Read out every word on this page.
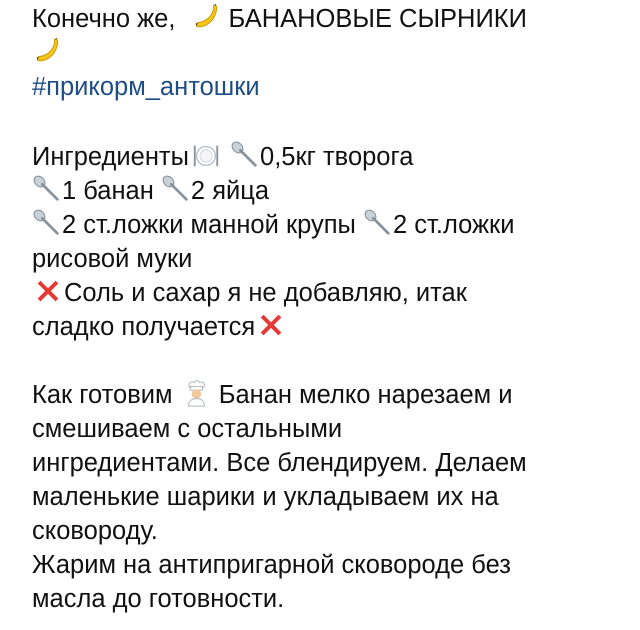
Конечно же, БАНАНОВЫЕ СЫРНИКИ
#прикорм_антошки
Ингредиенты
	0,5кг творога
1 банан 2 яйца
2 ст.ложки манной крупы 2 ст.ложки
рисовой муки
Соль и сахар я не добавляю, итак
сладко получается
Как готовим Банан мелко нарезаем и
смешиваем с остальными
ингредиентами. Все блендируем. Делаем
маленькие шарики и укладываем их на
сковороду.
Жарим на антипригарной сковороде без
масла до готовности.
